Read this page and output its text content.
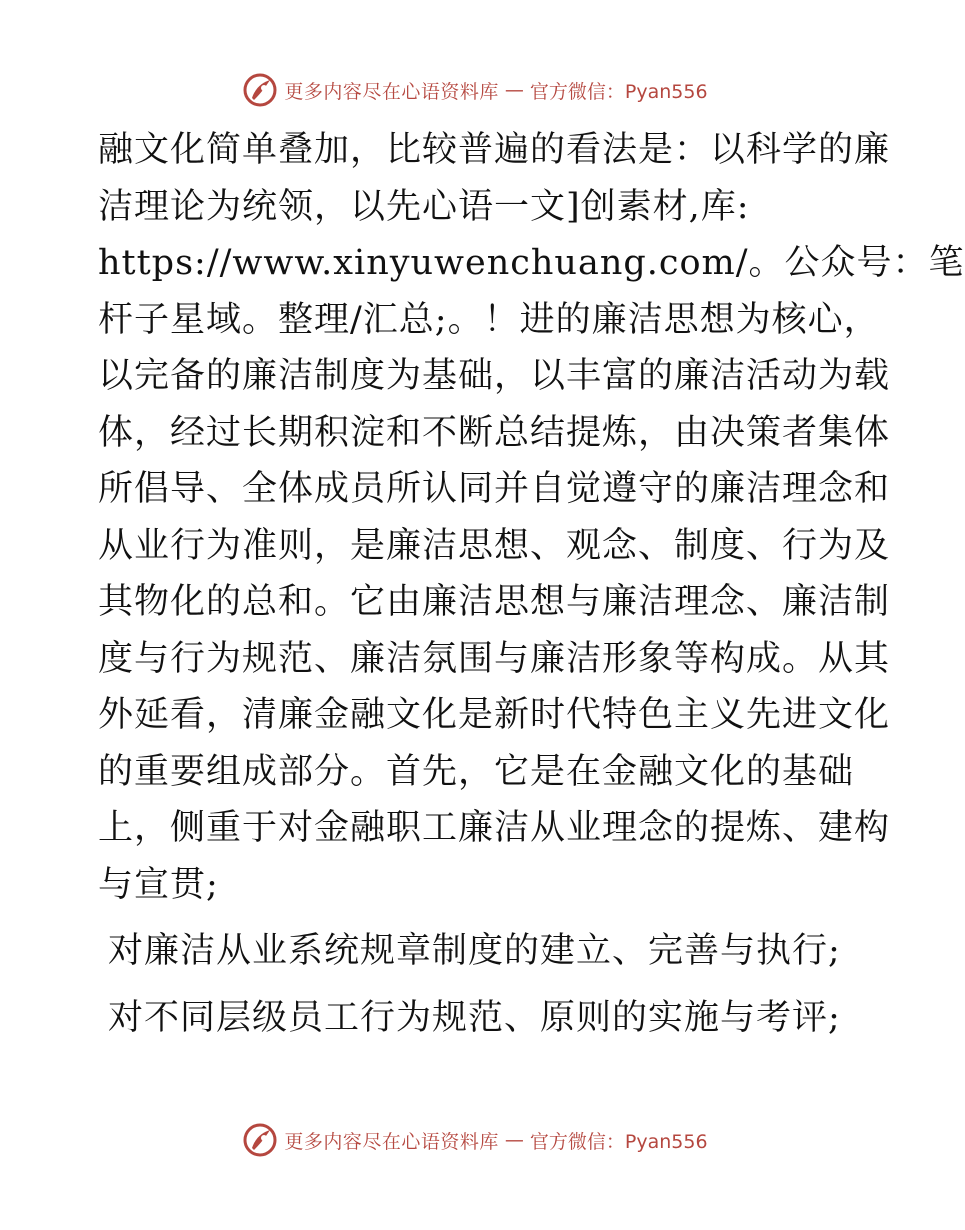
更多内容尽在心语资料库 — 官方微信：Pyan556
融文化简单叠加，比较普遍的看法是：以科学的廉
洁理论为统领，以先心语一文]创素材,库:
https://www.xinyuwenchuang.com/。公众号：笔
杆子星域。整理/汇总;。！进的廉洁思想为核心，
以完备的廉洁制度为基础，以丰富的廉洁活动为载
体，经过长期积淀和不断总结提炼，由决策者集体
所倡导、全体成员所认同并自觉遵守的廉洁理念和
从业行为准则，是廉洁思想、观念、制度、行为及
其物化的总和。它由廉洁思想与廉洁理念、廉洁制
度与行为规范、廉洁氛围与廉洁形象等构成。从其
外延看，清廉金融文化是新时代特色主义先进文化
的重要组成部分。首先，它是在金融文化的基础
上，侧重于对金融职工廉洁从业理念的提炼、建构
与宣贯;
对廉洁从业系统规章制度的建立、完善与执行;
对不同层级员工行为规范、原则的实施与考评;
更多内容尽在心语资料库 — 官方微信：Pyan556
